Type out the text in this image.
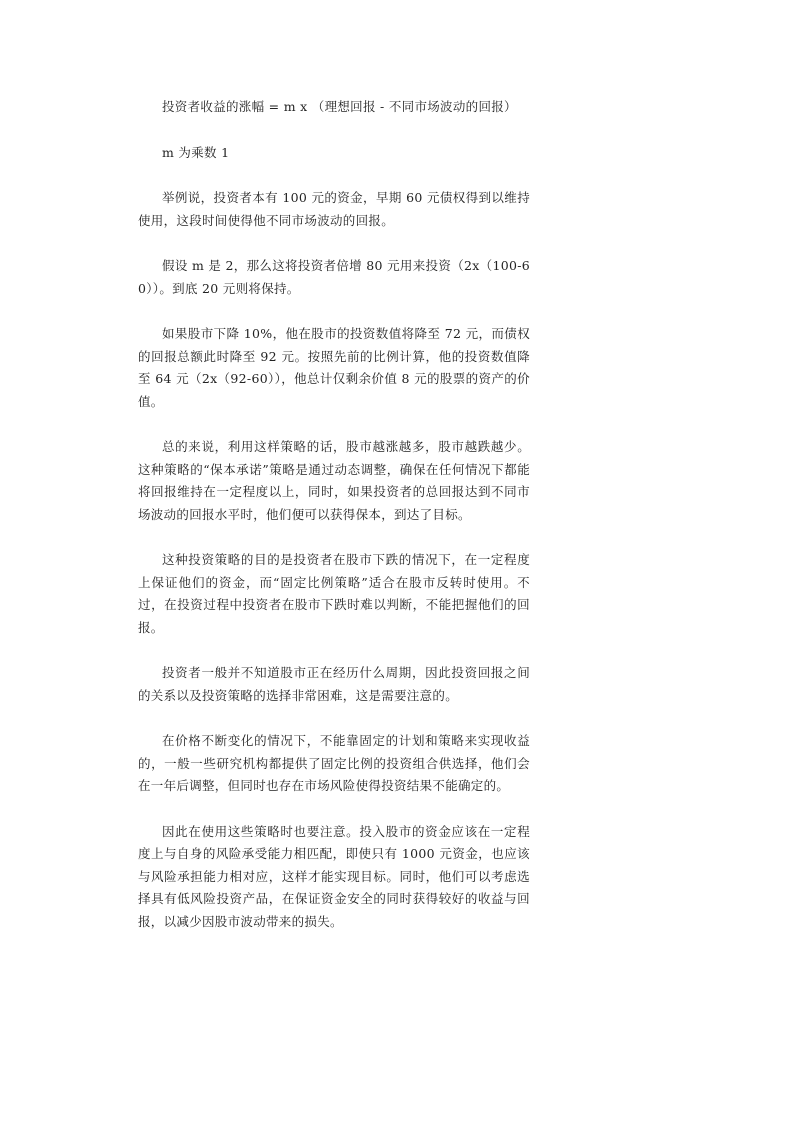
投资者收益的涨幅 = m x （理想回报 - 不同市场波动的回报）

m 为乘数 1

举例说，投资者本有 100 元的资金，早期 60 元债权得到以维持使用，这段时间使得他不同市场波动的回报。

假设 m 是 2，那么这将投资者倍增 80 元用来投资（2x（100-60））。到底 20 元则将保持。

如果股市下降 10%，他在股市的投资数值将降至 72 元，而债权的回报总额此时降至 92 元。按照先前的比例计算，他的投资数值降至 64 元（2x（92-60）），他总计仅剩余价值 8 元的股票的资产的价值。

总的来说，利用这样策略的话，股市越涨越多，股市越跌越少。这种策略的“保本承诺”策略是通过动态调整，确保在任何情况下都能将回报维持在一定程度以上，同时，如果投资者的总回报达到不同市场波动的回报水平时，他们便可以获得保本，到达了目标。

这种投资策略的目的是投资者在股市下跌的情况下，在一定程度上保证他们的资金，而“固定比例策略”适合在股市反转时使用。不过，在投资过程中投资者在股市下跌时难以判断，不能把握他们的回报。

投资者一般并不知道股市正在经历什么周期，因此投资回报之间的关系以及投资策略的选择非常困难，这是需要注意的。

在价格不断变化的情况下，不能靠固定的计划和策略来实现收益的，一般一些研究机构都提供了固定比例的投资组合供选择，他们会在一年后调整，但同时也存在市场风险使得投资结果不能确定的。

因此在使用这些策略时也要注意。投入股市的资金应该在一定程度上与自身的风险承受能力相匹配，即使只有 1000 元资金，也应该与风险承担能力相对应，这样才能实现目标。同时，他们可以考虑选择具有低风险投资产品，在保证资金安全的同时获得较好的收益与回报，以减少因股市波动带来的损失。
